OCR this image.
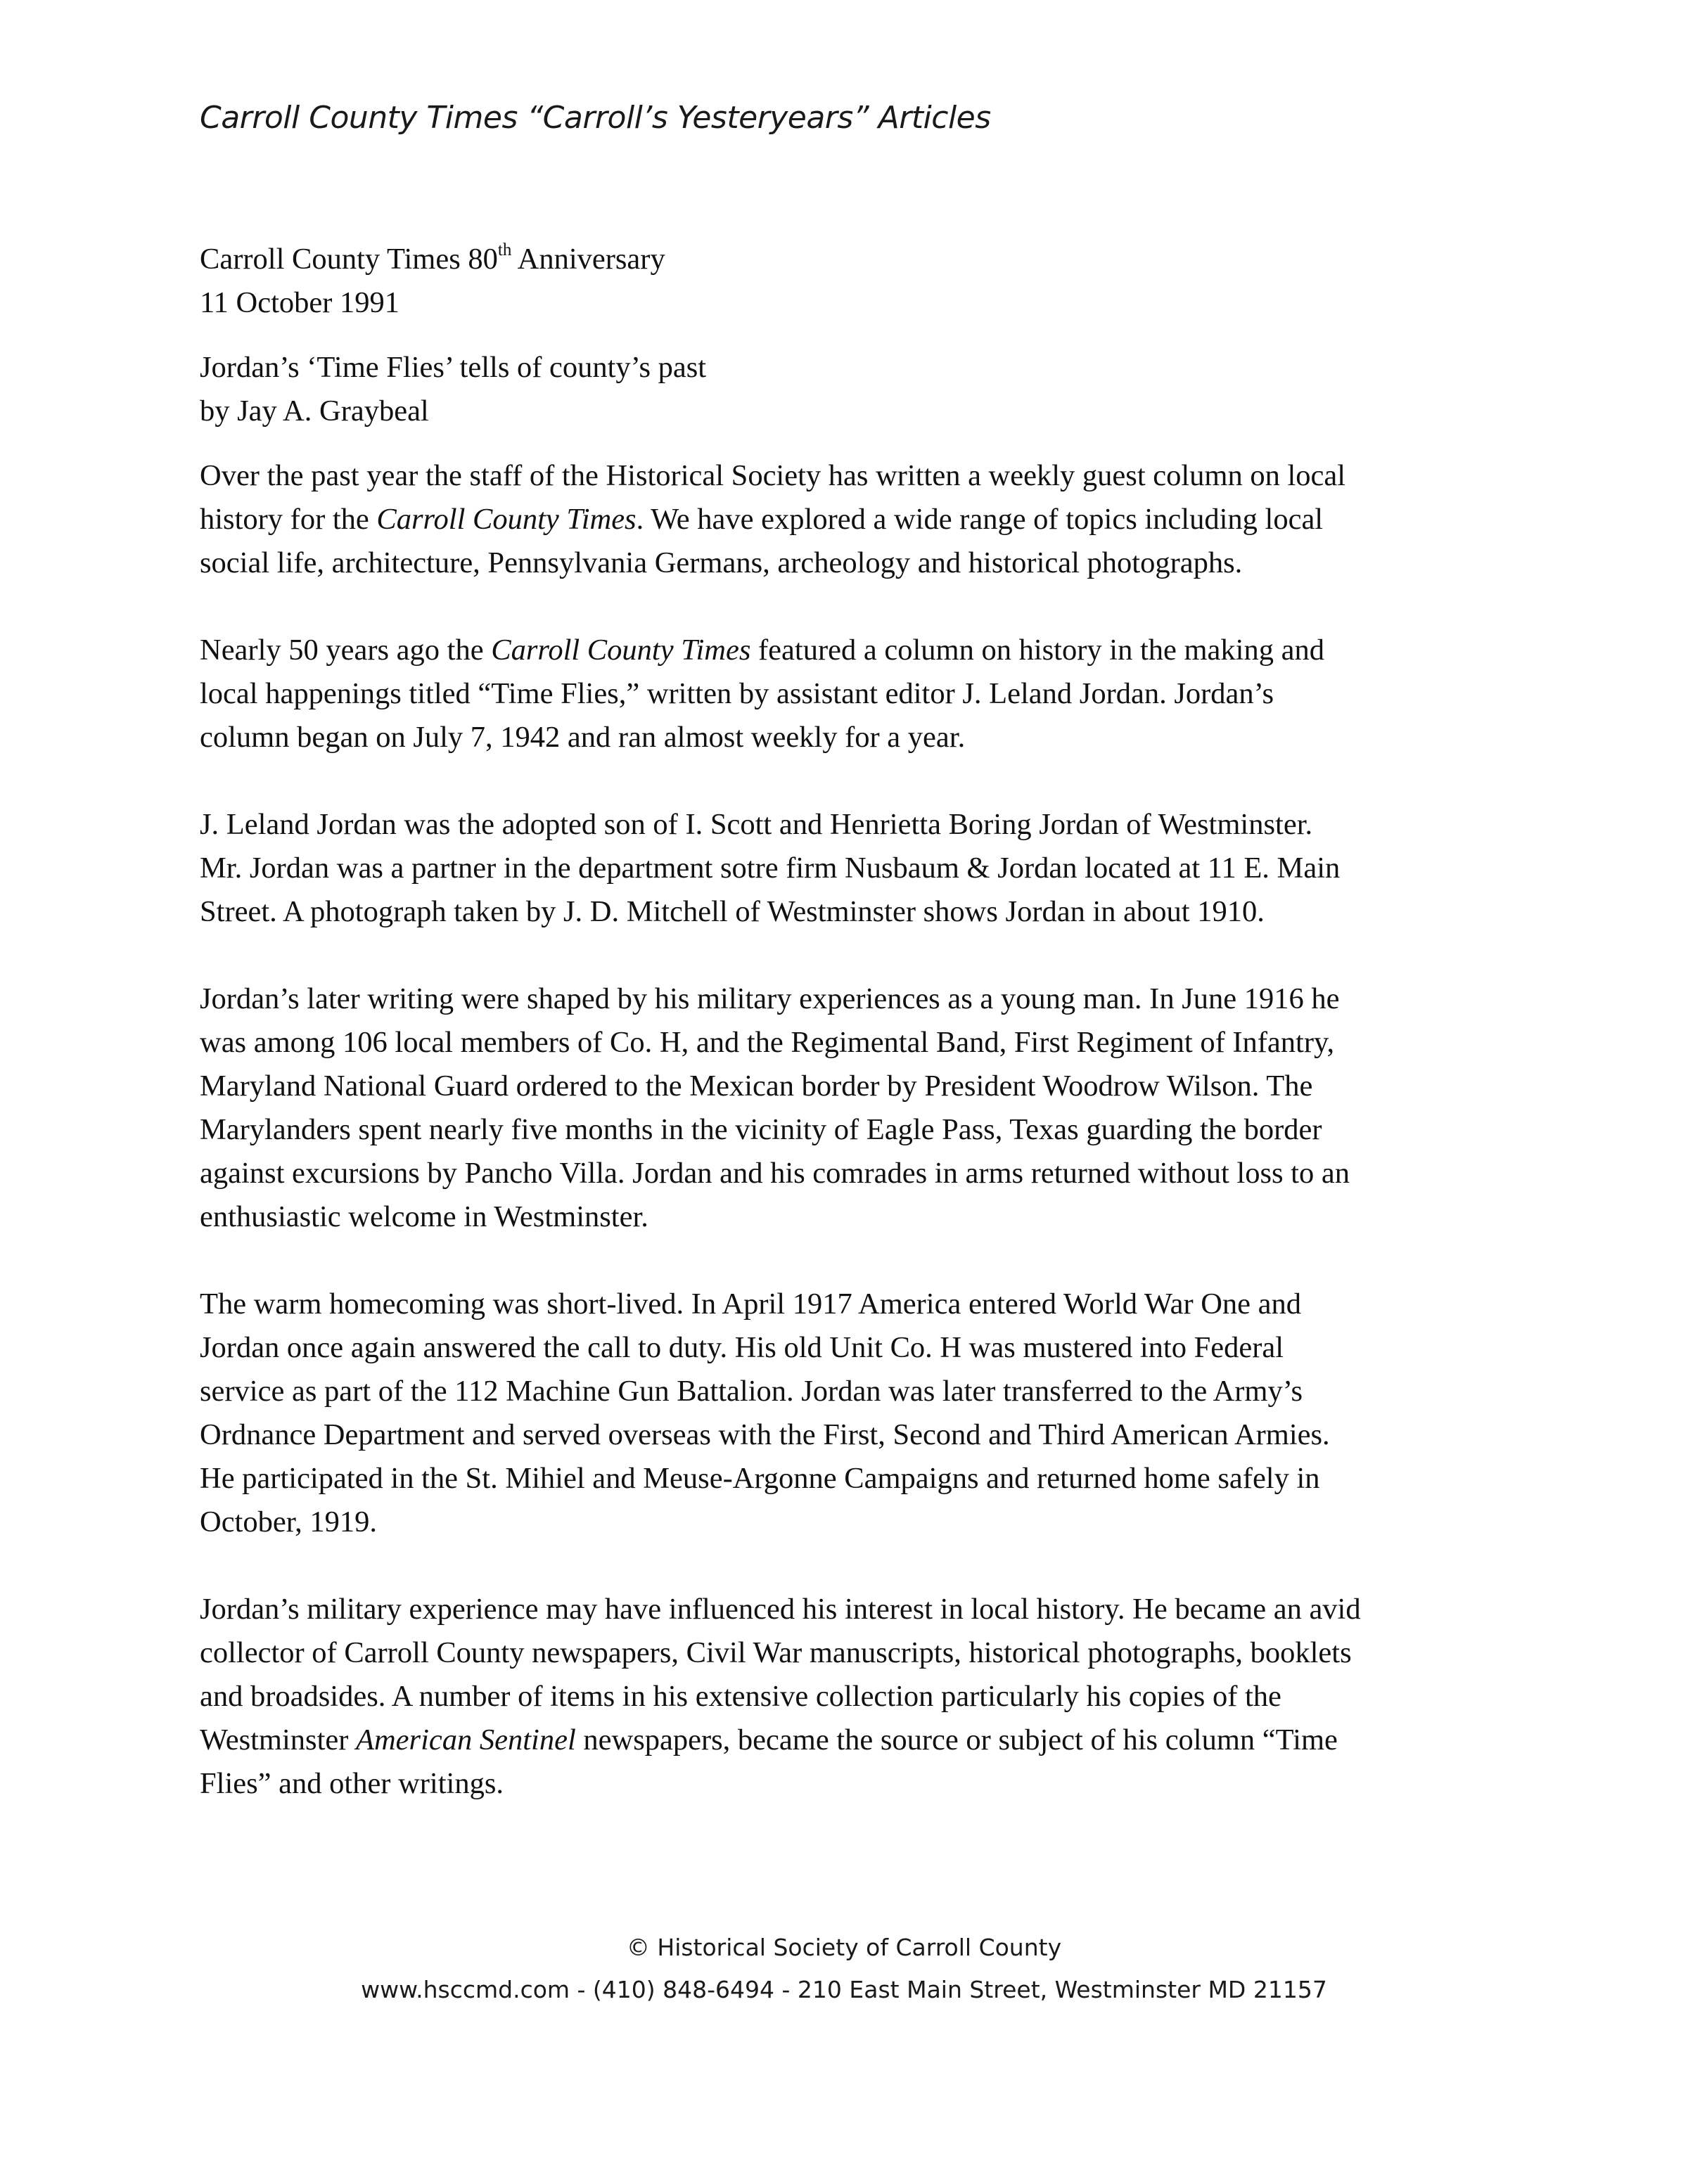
Carroll County Times “Carroll’s Yesteryears” Articles

Carroll County Times 80th Anniversary

11 October 1991

Jordan’s ‘Time Flies’ tells of county’s past

by Jay A. Graybeal

Over the past year the staff of the Historical Society has written a weekly guest column on local

history for the Carroll County Times. We have explored a wide range of topics including local

social life, architecture, Pennsylvania Germans, archeology and historical photographs.

Nearly 50 years ago the Carroll County Times featured a column on history in the making and

local happenings titled “Time Flies,” written by assistant editor J. Leland Jordan. Jordan’s

column began on July 7, 1942 and ran almost weekly for a year.

J. Leland Jordan was the adopted son of I. Scott and Henrietta Boring Jordan of Westminster.

Mr. Jordan was a partner in the department sotre firm Nusbaum & Jordan located at 11 E. Main

Street. A photograph taken by J. D. Mitchell of Westminster shows Jordan in about 1910.

Jordan’s later writing were shaped by his military experiences as a young man. In June 1916 he

was among 106 local members of Co. H, and the Regimental Band, First Regiment of Infantry,

Maryland National Guard ordered to the Mexican border by President Woodrow Wilson. The

Marylanders spent nearly five months in the vicinity of Eagle Pass, Texas guarding the border

against excursions by Pancho Villa. Jordan and his comrades in arms returned without loss to an

enthusiastic welcome in Westminster.

The warm homecoming was short-lived. In April 1917 America entered World War One and

Jordan once again answered the call to duty. His old Unit Co. H was mustered into Federal

service as part of the 112 Machine Gun Battalion. Jordan was later transferred to the Army’s

Ordnance Department and served overseas with the First, Second and Third American Armies.

He participated in the St. Mihiel and Meuse-Argonne Campaigns and returned home safely in

October, 1919.

Jordan’s military experience may have influenced his interest in local history. He became an avid

collector of Carroll County newspapers, Civil War manuscripts, historical photographs, booklets

and broadsides. A number of items in his extensive collection particularly his copies of the

Westminster American Sentinel newspapers, became the source or subject of his column “Time

Flies” and other writings.

© Historical Society of Carroll County
www.hsccmd.com - (410) 848-6494 - 210 East Main Street, Westminster MD 21157
